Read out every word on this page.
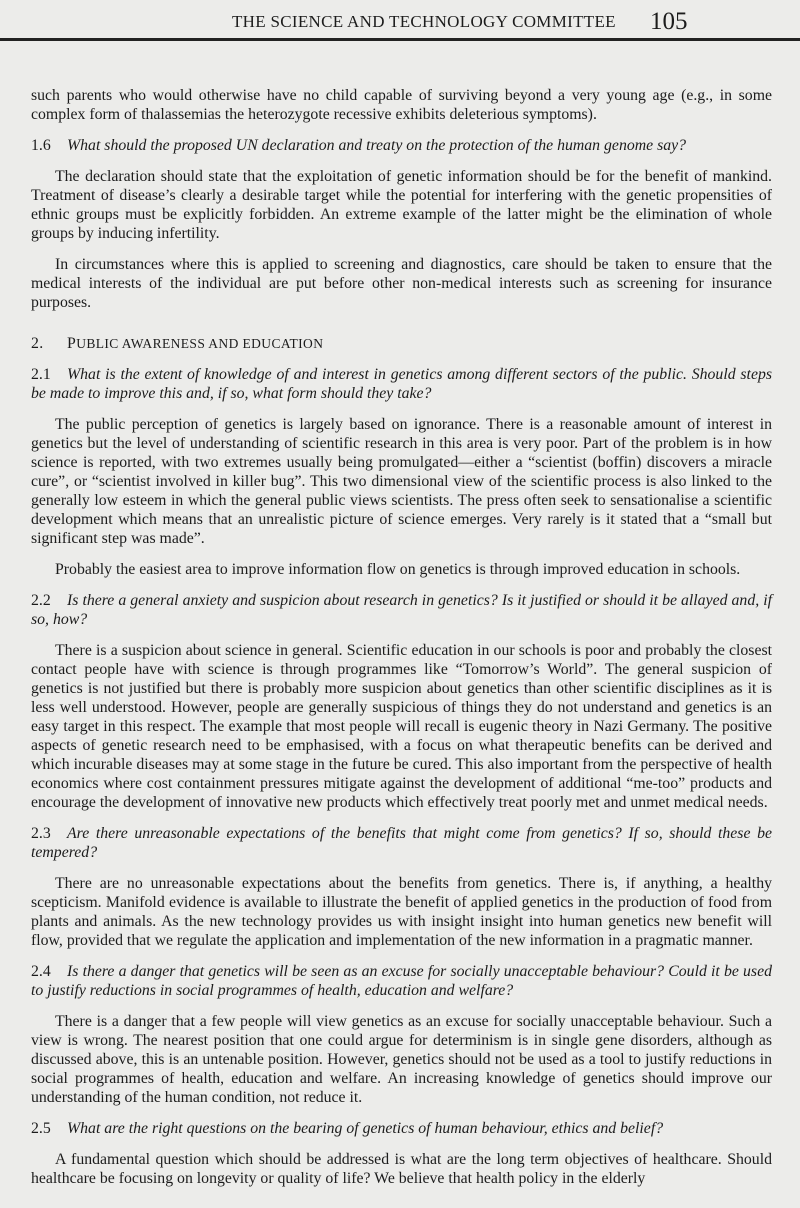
THE SCIENCE AND TECHNOLOGY COMMITTEE 105

such parents who would otherwise have no child capable of surviving beyond a very young age (e.g., in some complex form of thalassemias the heterozygote recessive exhibits deleterious symptoms).

1.6 What should the proposed UN declaration and treaty on the protection of the human genome say?

The declaration should state that the exploitation of genetic information should be for the benefit of mankind. Treatment of disease’s clearly a desirable target while the potential for interfering with the genetic propensities of ethnic groups must be explicitly forbidden. An extreme example of the latter might be the elimination of whole groups by inducing infertility.

In circumstances where this is applied to screening and diagnostics, care should be taken to ensure that the medical interests of the individual are put before other non-medical interests such as screening for insurance purposes.

2. PUBLIC AWARENESS AND EDUCATION

2.1 What is the extent of knowledge of and interest in genetics among different sectors of the public. Should steps be made to improve this and, if so, what form should they take?

The public perception of genetics is largely based on ignorance. There is a reasonable amount of interest in genetics but the level of understanding of scientific research in this area is very poor. Part of the problem is in how science is reported, with two extremes usually being promulgated—either a “scientist (boffin) discovers a miracle cure”, or “scientist involved in killer bug”. This two dimensional view of the scientific process is also linked to the generally low esteem in which the general public views scientists. The press often seek to sensationalise a scientific development which means that an unrealistic picture of science emerges. Very rarely is it stated that a “small but significant step was made”.

Probably the easiest area to improve information flow on genetics is through improved education in schools.

2.2 Is there a general anxiety and suspicion about research in genetics? Is it justified or should it be allayed and, if so, how?

There is a suspicion about science in general. Scientific education in our schools is poor and probably the closest contact people have with science is through programmes like “Tomorrow’s World”. The general suspicion of genetics is not justified but there is probably more suspicion about genetics than other scientific disciplines as it is less well understood. However, people are generally suspicious of things they do not understand and genetics is an easy target in this respect. The example that most people will recall is eugenic theory in Nazi Germany. The positive aspects of genetic research need to be emphasised, with a focus on what therapeutic benefits can be derived and which incurable diseases may at some stage in the future be cured. This also important from the perspective of health economics where cost containment pressures mitigate against the development of additional “me-too” products and encourage the development of innovative new products which effectively treat poorly met and unmet medical needs.

2.3 Are there unreasonable expectations of the benefits that might come from genetics? If so, should these be tempered?

There are no unreasonable expectations about the benefits from genetics. There is, if anything, a healthy scepticism. Manifold evidence is available to illustrate the benefit of applied genetics in the production of food from plants and animals. As the new technology provides us with insight insight into human genetics new benefit will flow, provided that we regulate the application and implementation of the new information in a pragmatic manner.

2.4 Is there a danger that genetics will be seen as an excuse for socially unacceptable behaviour? Could it be used to justify reductions in social programmes of health, education and welfare?

There is a danger that a few people will view genetics as an excuse for socially unacceptable behaviour. Such a view is wrong. The nearest position that one could argue for determinism is in single gene disorders, although as discussed above, this is an untenable position. However, genetics should not be used as a tool to justify reductions in social programmes of health, education and welfare. An increasing knowledge of genetics should improve our understanding of the human condition, not reduce it.

2.5 What are the right questions on the bearing of genetics of human behaviour, ethics and belief?

A fundamental question which should be addressed is what are the long term objectives of healthcare. Should healthcare be focusing on longevity or quality of life? We believe that health policy in the elderly
